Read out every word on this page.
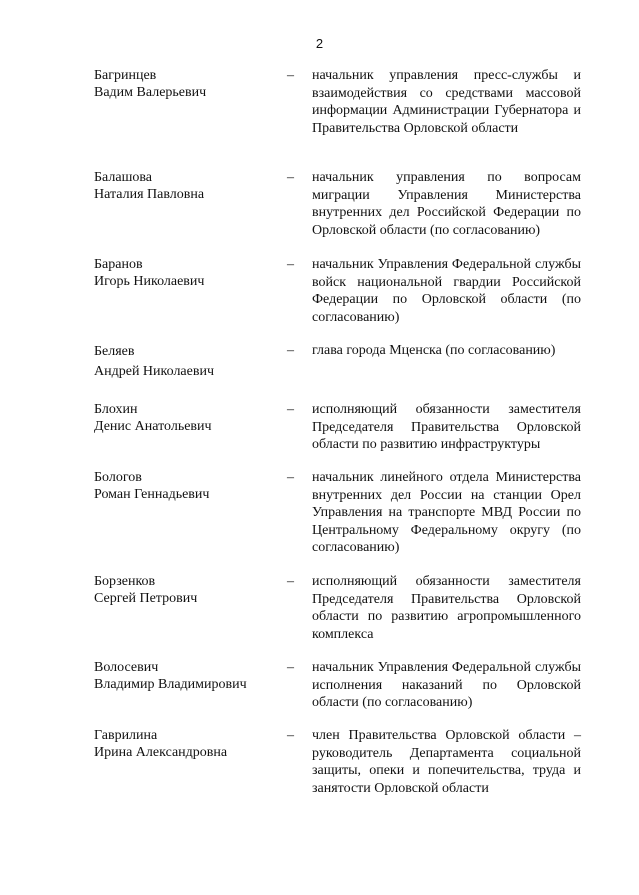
2
Багринцев
Вадим Валерьевич
– начальник управления пресс-службы и взаимодействия со средствами массовой информации Администрации Губернатора и Правительства Орловской области
Балашова
Наталия Павловна
– начальник управления по вопросам миграции Управления Министерства внутренних дел Российской Федерации по Орловской области (по согласованию)
Баранов
Игорь Николаевич
– начальник Управления Федеральной службы войск национальной гвардии Российской Федерации по Орловской области (по согласованию)
Беляев
Андрей Николаевич
– глава города Мценска (по согласованию)
Блохин
Денис Анатольевич
– исполняющий обязанности заместителя Председателя Правительства Орловской области по развитию инфраструктуры
Бологов
Роман Геннадьевич
– начальник линейного отдела Министерства внутренних дел России на станции Орел Управления на транспорте МВД России по Центральному Федеральному округу (по согласованию)
Борзенков
Сергей Петрович
– исполняющий обязанности заместителя Председателя Правительства Орловской области по развитию агропромышленного комплекса
Волосевич
Владимир Владимирович
– начальник Управления Федеральной службы исполнения наказаний по Орловской области (по согласованию)
Гаврилина
Ирина Александровна
– член Правительства Орловской области – руководитель Департамента социальной защиты, опеки и попечительства, труда и занятости Орловской области
